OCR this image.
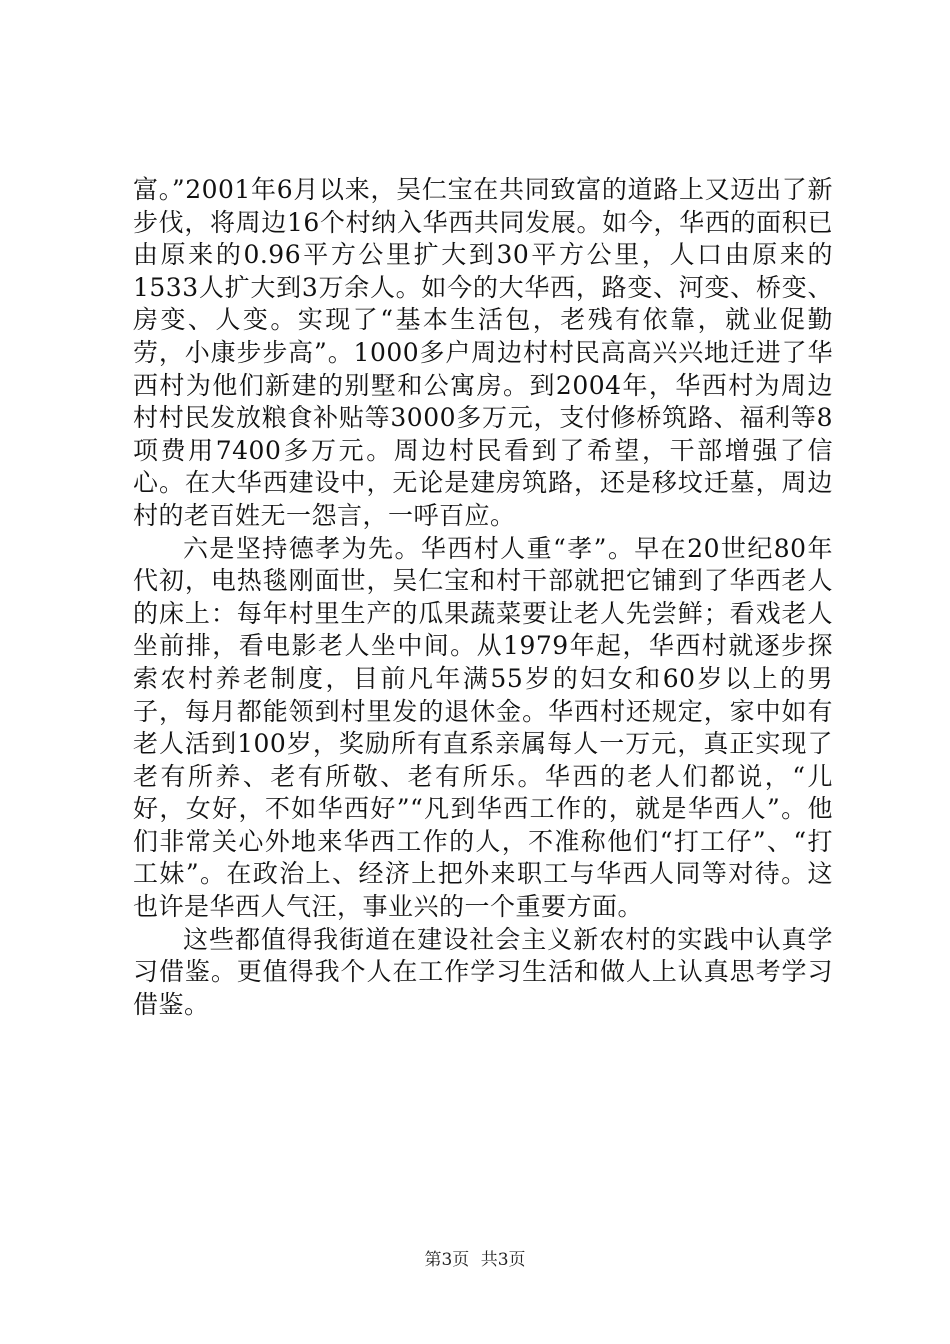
富。”2001年6月以来，吴仁宝在共同致富的道路上又迈出了新步伐，将周边16个村纳入华西共同发展。如今，华西的面积已由原来的0.96平方公里扩大到30平方公里，人口由原来的1533人扩大到3万余人。如今的大华西，路变、河变、桥变、房变、人变。实现了“基本生活包，老残有依靠，就业促勤劳，小康步步高”。1000多户周边村村民高高兴兴地迁进了华西村为他们新建的别墅和公寓房。到2004年，华西村为周边村村民发放粮食补贴等3000多万元，支付修桥筑路、福利等8项费用7400多万元。周边村民看到了希望，干部增强了信心。在大华西建设中，无论是建房筑路，还是移坟迁墓，周边村的老百姓无一怨言，一呼百应。

六是坚持德孝为先。华西村人重“孝”。早在20世纪80年代初，电热毯刚面世，吴仁宝和村干部就把它铺到了华西老人的床上：每年村里生产的瓜果蔬菜要让老人先尝鲜；看戏老人坐前排，看电影老人坐中间。从1979年起，华西村就逐步探索农村养老制度，目前凡年满55岁的妇女和60岁以上的男子，每月都能领到村里发的退休金。华西村还规定，家中如有老人活到100岁，奖励所有直系亲属每人一万元，真正实现了老有所养、老有所敬、老有所乐。华西的老人们都说，“儿好，女好，不如华西好”“凡到华西工作的，就是华西人”。他们非常关心外地来华西工作的人，不准称他们“打工仔”、“打工妹”。在政治上、经济上把外来职工与华西人同等对待。这也许是华西人气汪，事业兴的一个重要方面。

这些都值得我街道在建设社会主义新农村的实践中认真学习借鉴。更值得我个人在工作学习生活和做人上认真思考学习借鉴。

第3页 共3页
